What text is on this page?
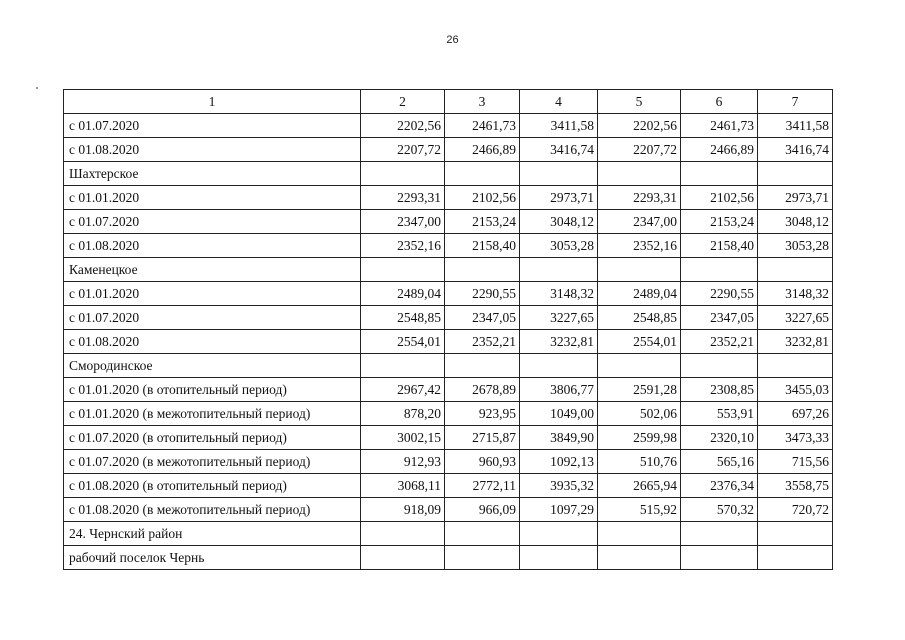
26
1	2	3	4	5	6	7
с 01.07.2020	2202,56	2461,73	3411,58	2202,56	2461,73	3411,58
с 01.08.2020	2207,72	2466,89	3416,74	2207,72	2466,89	3416,74
Шахтерское						
с 01.01.2020	2293,31	2102,56	2973,71	2293,31	2102,56	2973,71
с 01.07.2020	2347,00	2153,24	3048,12	2347,00	2153,24	3048,12
с 01.08.2020	2352,16	2158,40	3053,28	2352,16	2158,40	3053,28
Каменецкое						
с 01.01.2020	2489,04	2290,55	3148,32	2489,04	2290,55	3148,32
с 01.07.2020	2548,85	2347,05	3227,65	2548,85	2347,05	3227,65
с 01.08.2020	2554,01	2352,21	3232,81	2554,01	2352,21	3232,81
Смородинское						
с 01.01.2020 (в отопительный период)	2967,42	2678,89	3806,77	2591,28	2308,85	3455,03
с 01.01.2020 (в межотопительный период)	878,20	923,95	1049,00	502,06	553,91	697,26
с 01.07.2020 (в отопительный период)	3002,15	2715,87	3849,90	2599,98	2320,10	3473,33
с 01.07.2020 (в межотопительный период)	912,93	960,93	1092,13	510,76	565,16	715,56
с 01.08.2020 (в отопительный период)	3068,11	2772,11	3935,32	2665,94	2376,34	3558,75
с 01.08.2020 (в межотопительный период)	918,09	966,09	1097,29	515,92	570,32	720,72
24. Чернский район						
рабочий поселок Чернь						
